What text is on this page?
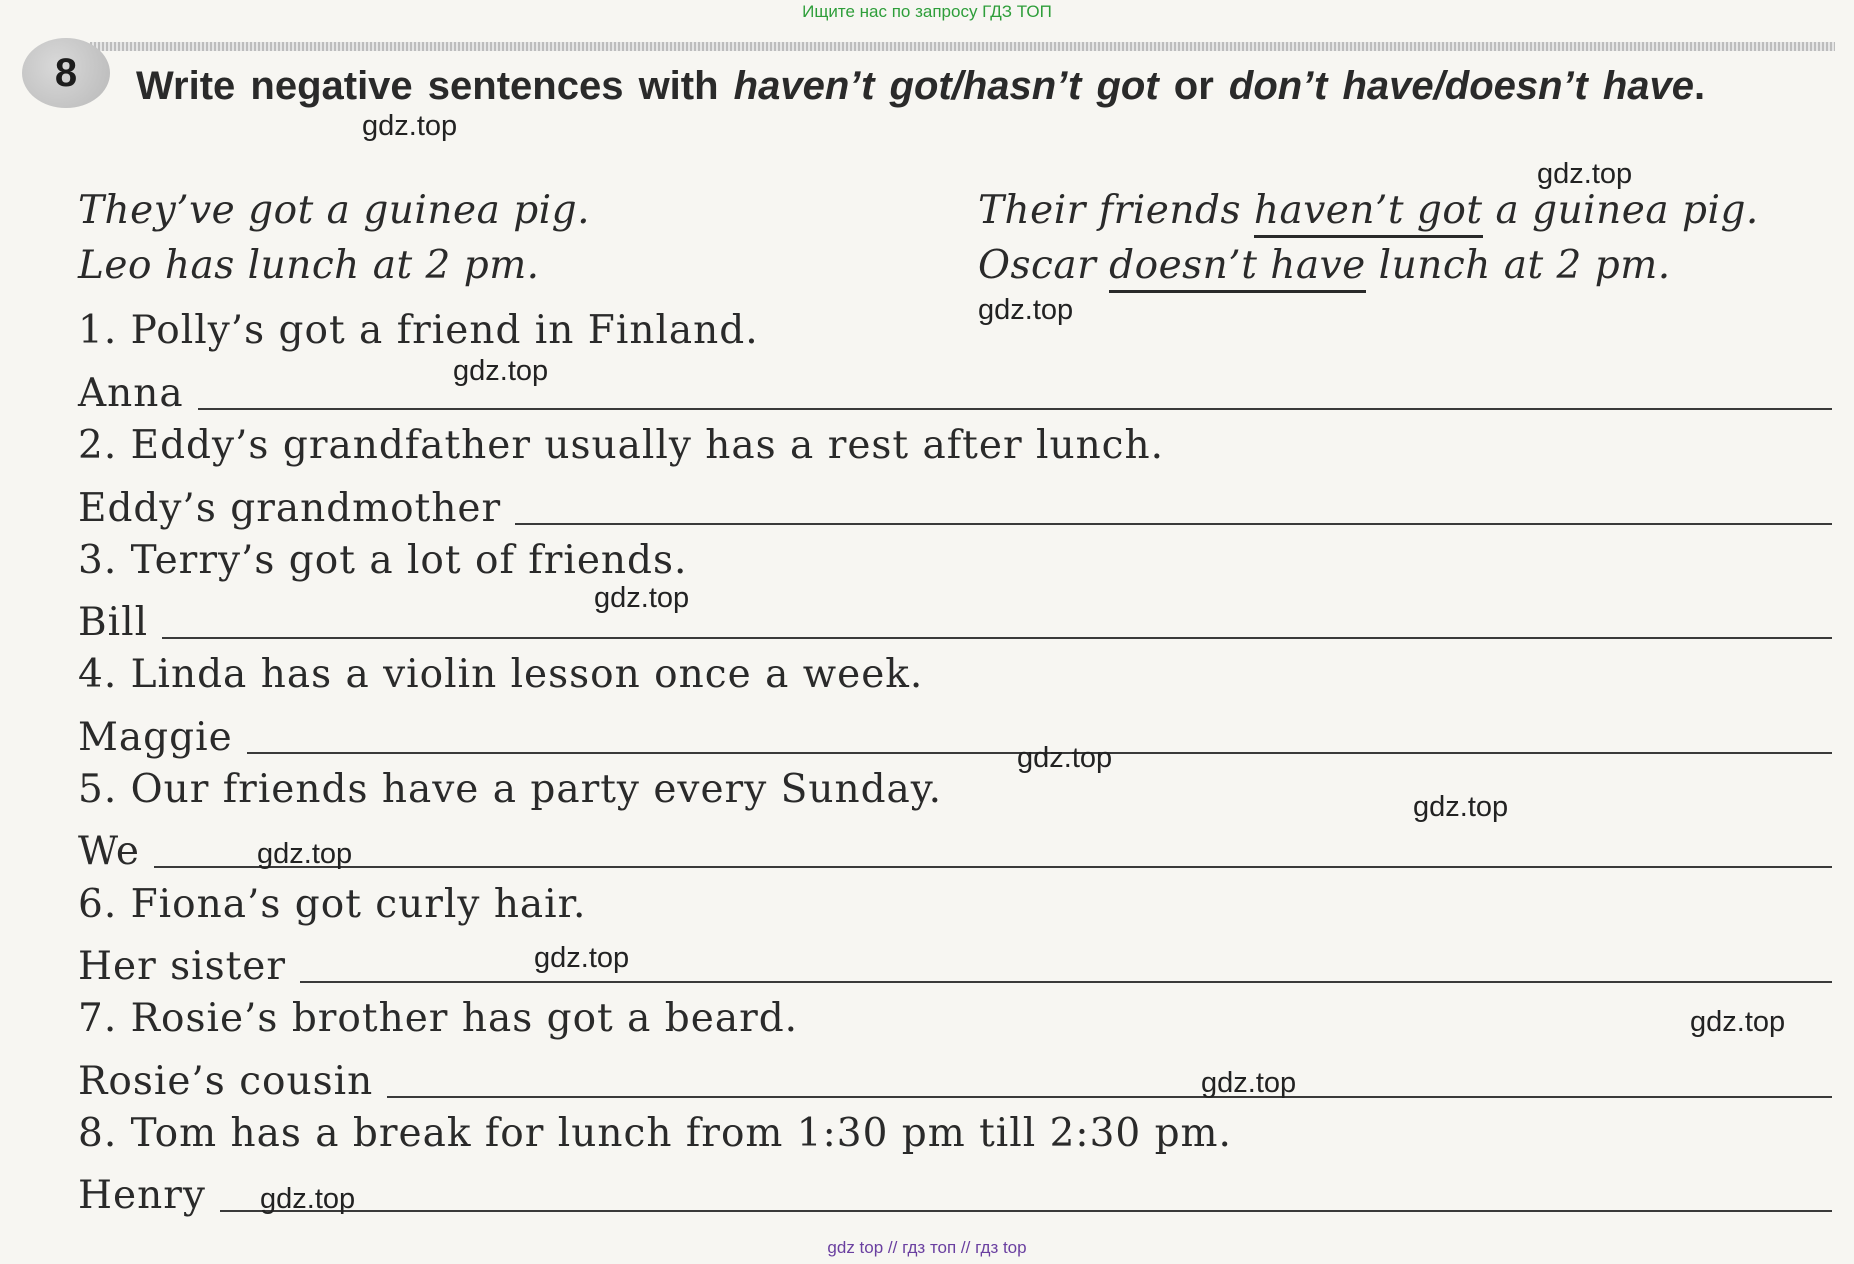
Ищите нас по запросу ГДЗ ТОП
8 Write negative sentences with haven’t got/hasn’t got or don’t have/doesn’t have.
They’ve got a guinea pig.	Their friends haven’t got a guinea pig.
Leo has lunch at 2 pm.	Oscar doesn’t have lunch at 2 pm.
1. Polly’s got a friend in Finland.
Anna
2. Eddy’s grandfather usually has a rest after lunch.
Eddy’s grandmother
3. Terry’s got a lot of friends.
Bill
4. Linda has a violin lesson once a week.
Maggie
5. Our friends have a party every Sunday.
We
6. Fiona’s got curly hair.
Her sister
7. Rosie’s brother has got a beard.
Rosie’s cousin
8. Tom has a break for lunch from 1:30 pm till 2:30 pm.
Henry
gdz.top
gdz.top
gdz.top
gdz.top
gdz.top
gdz.top
gdz.top
gdz.top
gdz.top
gdz.top
gdz.top
gdz.top
gdz top // гдз топ // гдз top
